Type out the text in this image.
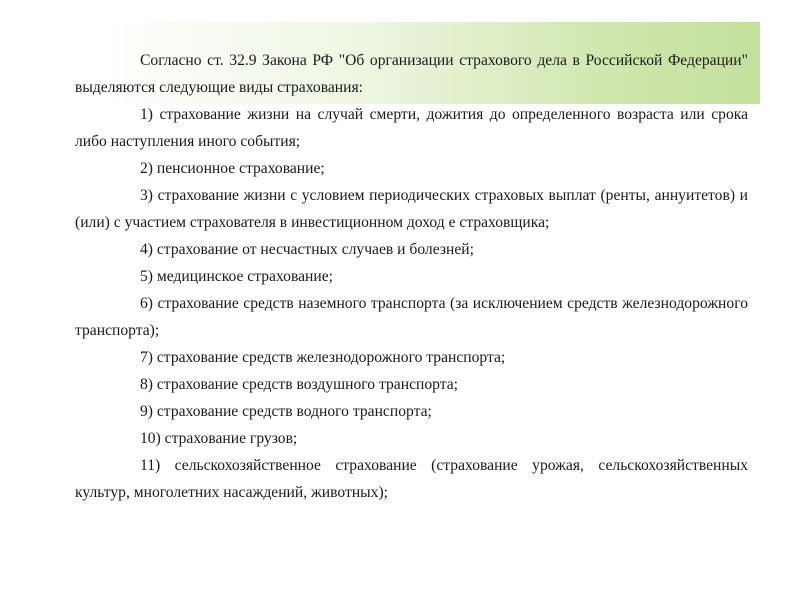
Согласно ст. 32.9 Закона РФ "Об организации страхового дела в Российской Федерации" выделяются следующие виды страхования:

1) страхование жизни на случай смерти, дожития до определенного возраста или срока либо наступления иного события;

2) пенсионное страхование;

3) страхование жизни с условием периодических страховых выплат (ренты, аннуитетов) и (или) с участием страхователя в инвестиционном доход е страховщика;

4) страхование от несчастных случаев и болезней;

5) медицинское страхование;

6) страхование средств наземного транспорта (за исключением средств железнодорожного транспорта);

7) страхование средств железнодорожного транспорта;

8) страхование средств воздушного транспорта;

9) страхование средств водного транспорта;

10) страхование грузов;

11) сельскохозяйственное страхование (страхование урожая, сельскохозяйственных культур, многолетних насаждений, животных);
